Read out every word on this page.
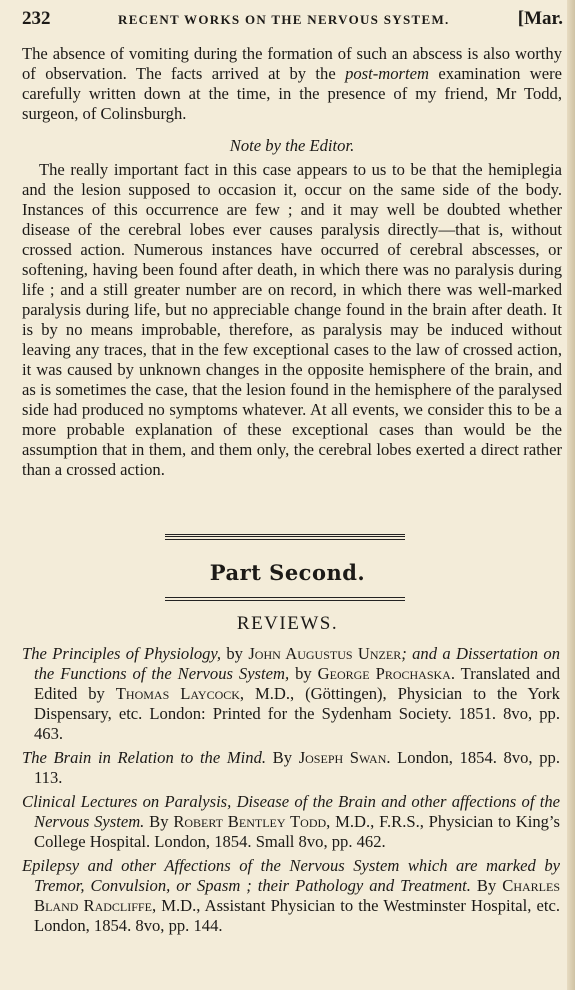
232	RECENT WORKS ON THE NERVOUS SYSTEM.	[Mar.

The absence of vomiting during the formation of such an abscess is also worthy of observation. The facts arrived at by the post-mortem examination were carefully written down at the time, in the presence of my friend, Mr Todd, surgeon, of Colinsburgh.

Note by the Editor.

The really important fact in this case appears to us to be that the hemiplegia and the lesion supposed to occasion it, occur on the same side of the body. Instances of this occurrence are few ; and it may well be doubted whether disease of the cerebral lobes ever causes paralysis directly—that is, without crossed action. Numerous instances have occurred of cerebral abscesses, or softening, having been found after death, in which there was no paralysis during life ; and a still greater number are on record, in which there was well-marked paralysis during life, but no appreciable change found in the brain after death. It is by no means improbable, therefore, as paralysis may be induced without leaving any traces, that in the few exceptional cases to the law of crossed action, it was caused by unknown changes in the opposite hemisphere of the brain, and as is sometimes the case, that the lesion found in the hemisphere of the paralysed side had produced no symptoms whatever. At all events, we consider this to be a more probable explanation of these exceptional cases than would be the assumption that in them, and them only, the cerebral lobes exerted a direct rather than a crossed action.

Part Second.
REVIEWS.

The Principles of Physiology, by John Augustus Unzer; and a Dissertation on the Functions of the Nervous System, by George Prochaska. Translated and Edited by Thomas Laycock, M.D., (Göttingen), Physician to the York Dispensary, etc. London: Printed for the Sydenham Society. 1851. 8vo, pp. 463.

The Brain in Relation to the Mind. By Joseph Swan. London, 1854. 8vo, pp. 113.

Clinical Lectures on Paralysis, Disease of the Brain and other affections of the Nervous System. By Robert Bentley Todd, M.D., F.R.S., Physician to King’s College Hospital. London, 1854. Small 8vo, pp. 462.

Epilepsy and other Affections of the Nervous System which are marked by Tremor, Convulsion, or Spasm ; their Pathology and Treatment. By Charles Bland Radcliffe, M.D., Assistant Physician to the Westminster Hospital, etc. London, 1854. 8vo, pp. 144.
